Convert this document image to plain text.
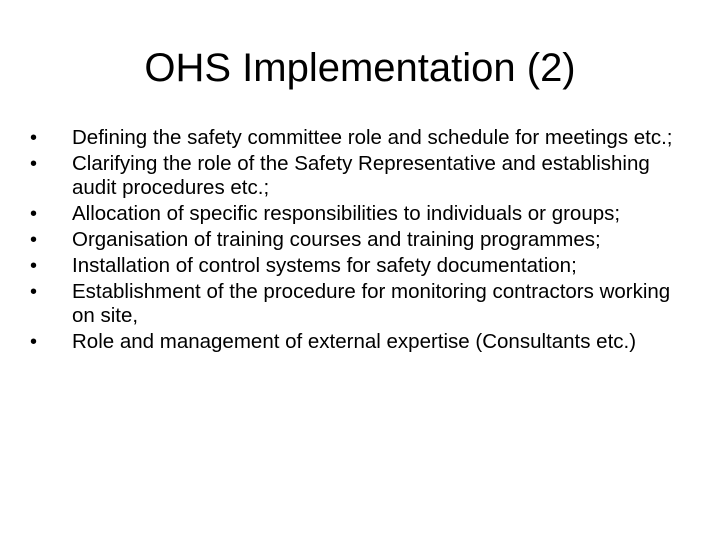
OHS Implementation (2)
•	Defining the safety committee role and schedule for meetings etc.;
•	Clarifying the role of the Safety Representative and establishing audit procedures etc.;
•	Allocation of specific responsibilities to individuals or groups;
•	Organisation of training courses and training programmes;
•	Installation of control systems for safety documentation;
•	Establishment of the procedure for monitoring contractors working on site,
•	Role and management of external expertise (Consultants etc.)
